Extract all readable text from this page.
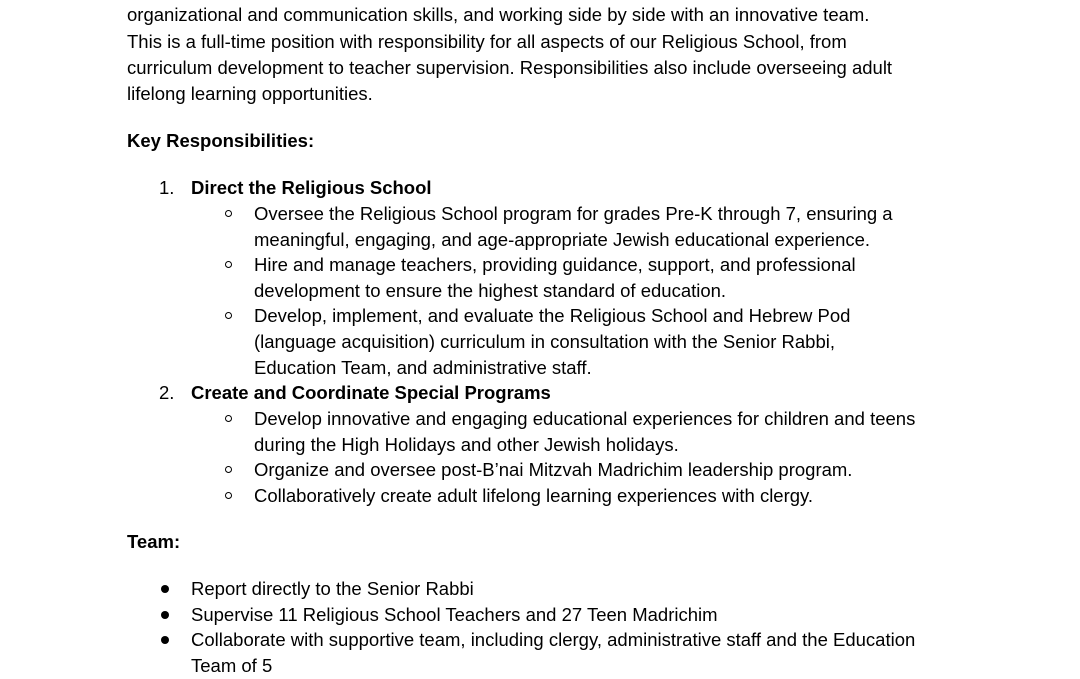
organizational and communication skills, and working side by side with an innovative team.
This is a full-time position with responsibility for all aspects of our Religious School, from
curriculum development to teacher supervision. Responsibilities also include overseeing adult
lifelong learning opportunities.
Key Responsibilities:
1. Direct the Religious School
Oversee the Religious School program for grades Pre-K through 7, ensuring a
meaningful, engaging, and age-appropriate Jewish educational experience.
Hire and manage teachers, providing guidance, support, and professional
development to ensure the highest standard of education.
Develop, implement, and evaluate the Religious School and Hebrew Pod
(language acquisition) curriculum in consultation with the Senior Rabbi,
Education Team, and administrative staff.
2. Create and Coordinate Special Programs
Develop innovative and engaging educational experiences for children and teens
during the High Holidays and other Jewish holidays.
Organize and oversee post-B’nai Mitzvah Madrichim leadership program.
Collaboratively create adult lifelong learning experiences with clergy.
Team:
Report directly to the Senior Rabbi
Supervise 11 Religious School Teachers and 27 Teen Madrichim
Collaborate with supportive team, including clergy, administrative staff and the Education
Team of 5
